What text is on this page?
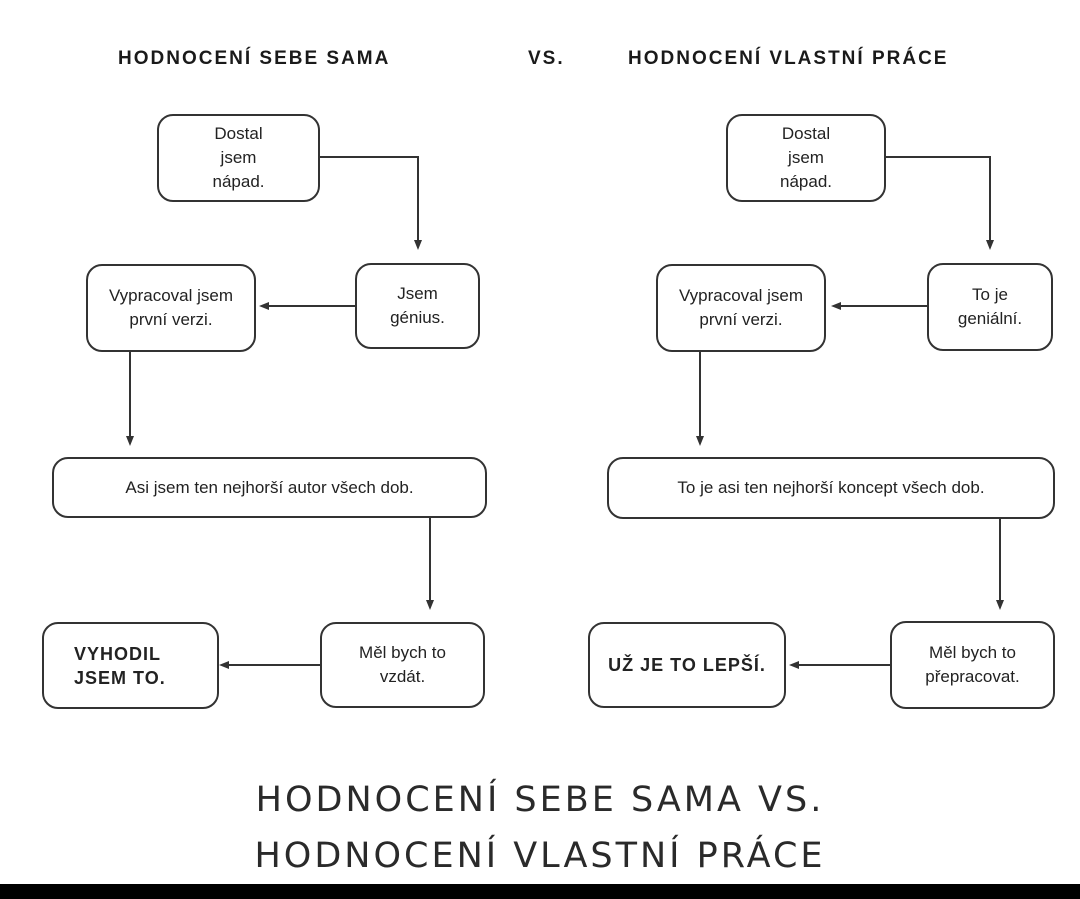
HODNOCENÍ SEBE SAMA	VS.	HODNOCENÍ VLASTNÍ PRÁCE
Dostal jsem nápad.
Jsem génius.
Vypracoval jsem první verzi.
Asi jsem ten nejhorší autor všech dob.
Měl bych to vzdát.
VYHODIL JSEM TO.
Dostal jsem nápad.
To je geniální.
Vypracoval jsem první verzi.
To je asi ten nejhorší koncept všech dob.
Měl bych to přepracovat.
UŽ JE TO LEPŠÍ.
HODNOCENÍ SEBE SAMA VS.
HODNOCENÍ VLASTNÍ PRÁCE
